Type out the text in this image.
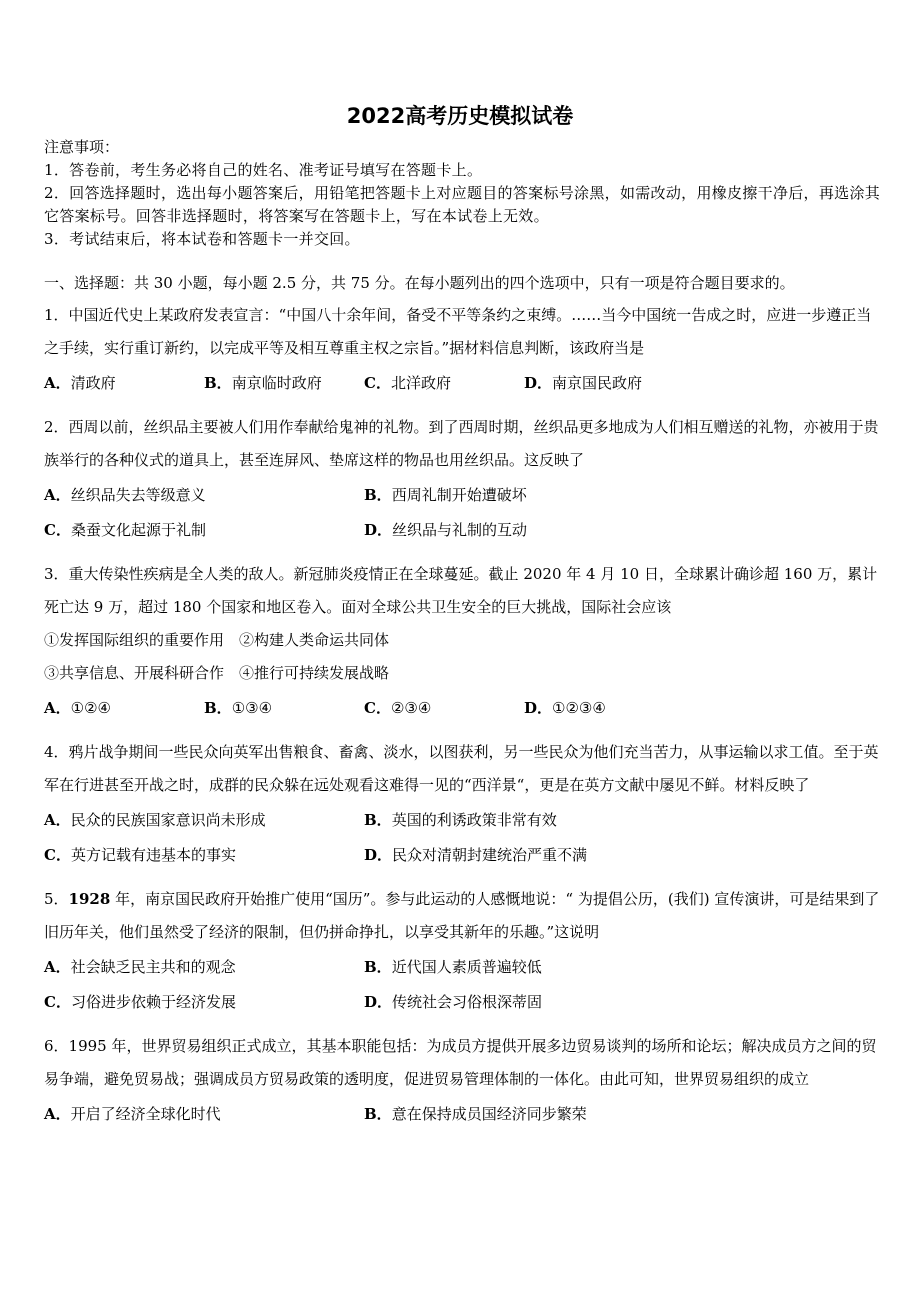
2022高考历史模拟试卷

注意事项：

1．答卷前，考生务必将自己的姓名、准考证号填写在答题卡上。

2．回答选择题时，选出每小题答案后，用铅笔把答题卡上对应题目的答案标号涂黑，如需改动，用橡皮擦干净后，再选涂其它答案标号。回答非选择题时，将答案写在答题卡上，写在本试卷上无效。

3．考试结束后，将本试卷和答题卡一并交回。

一、选择题：共 30 小题，每小题 2.5 分，共 75 分。在每小题列出的四个选项中，只有一项是符合题目要求的。

1．中国近代史上某政府发表宣言：“中国八十余年间，备受不平等条约之束缚。……当今中国统一告成之时，应进一步遵正当之手续，实行重订新约，以完成平等及相互尊重主权之宗旨。”据材料信息判断，该政府当是

A．清政府	B．南京临时政府	C．北洋政府	D．南京国民政府

2．西周以前，丝织品主要被人们用作奉献给鬼神的礼物。到了西周时期，丝织品更多地成为人们相互赠送的礼物，亦被用于贵族举行的各种仪式的道具上，甚至连屏风、垫席这样的物品也用丝织品。这反映了

A．丝织品失去等级意义	B．西周礼制开始遭破坏
C．桑蚕文化起源于礼制	D．丝织品与礼制的互动

3．重大传染性疾病是全人类的敌人。新冠肺炎疫情正在全球蔓延。截止 2020 年 4 月 10 日，全球累计确诊超 160 万，累计死亡达 9 万，超过 180 个国家和地区卷入。面对全球公共卫生安全的巨大挑战，国际社会应该

①发挥国际组织的重要作用　②构建人类命运共同体

③共享信息、开展科研合作　④推行可持续发展战略

A．①②④	B．①③④	C．②③④	D．①②③④

4．鸦片战争期间一些民众向英军出售粮食、畜禽、淡水，以图获利，另一些民众为他们充当苦力，从事运输以求工值。至于英军在行进甚至开战之时，成群的民众躲在远处观看这难得一见的“西洋景“，更是在英方文献中屡见不鲜。材料反映了

A．民众的民族国家意识尚未形成	B．英国的利诱政策非常有效
C．英方记载有违基本的事实	D．民众对清朝封建统治严重不满

5．1928 年，南京国民政府开始推广使用“国历”。参与此运动的人感慨地说：“ 为提倡公历，(我们) 宣传演讲，可是结果到了旧历年关，他们虽然受了经济的限制，但仍拼命挣扎，以享受其新年的乐趣。”这说明

A．社会缺乏民主共和的观念	B．近代国人素质普遍较低
C．习俗进步依赖于经济发展	D．传统社会习俗根深蒂固

6．1995 年，世界贸易组织正式成立，其基本职能包括：为成员方提供开展多边贸易谈判的场所和论坛；解决成员方之间的贸易争端，避免贸易战；强调成员方贸易政策的透明度，促进贸易管理体制的一体化。由此可知，世界贸易组织的成立

A．开启了经济全球化时代	B．意在保持成员国经济同步繁荣
